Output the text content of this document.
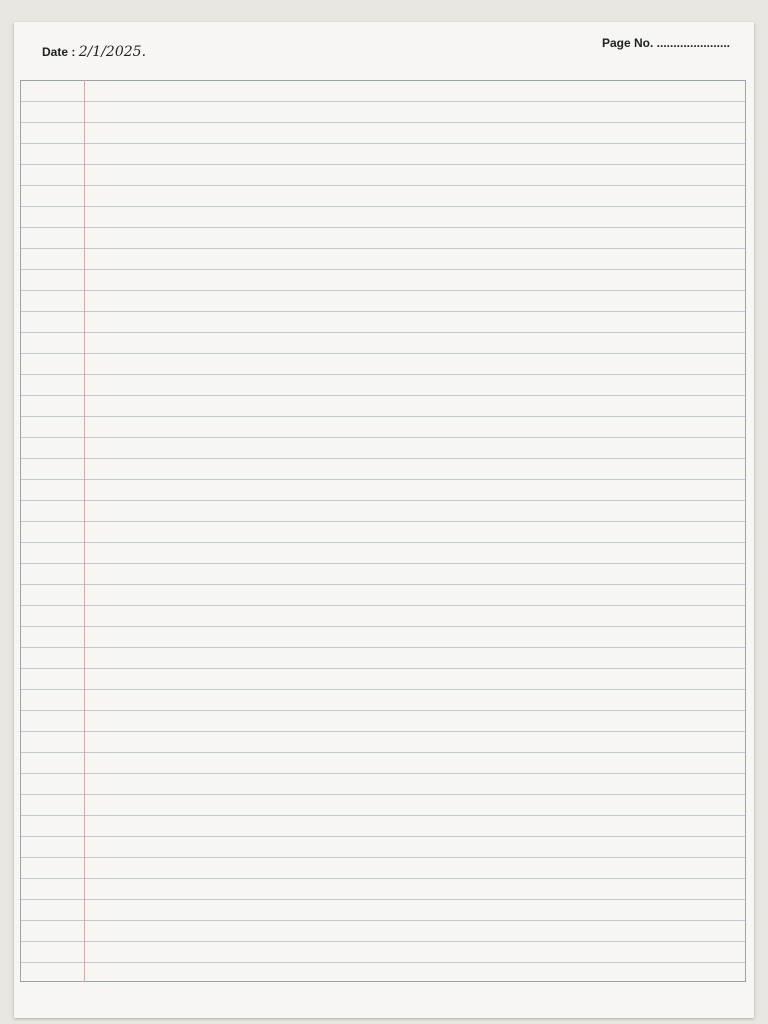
Date : 2/1/2025.
Page No. ......................
